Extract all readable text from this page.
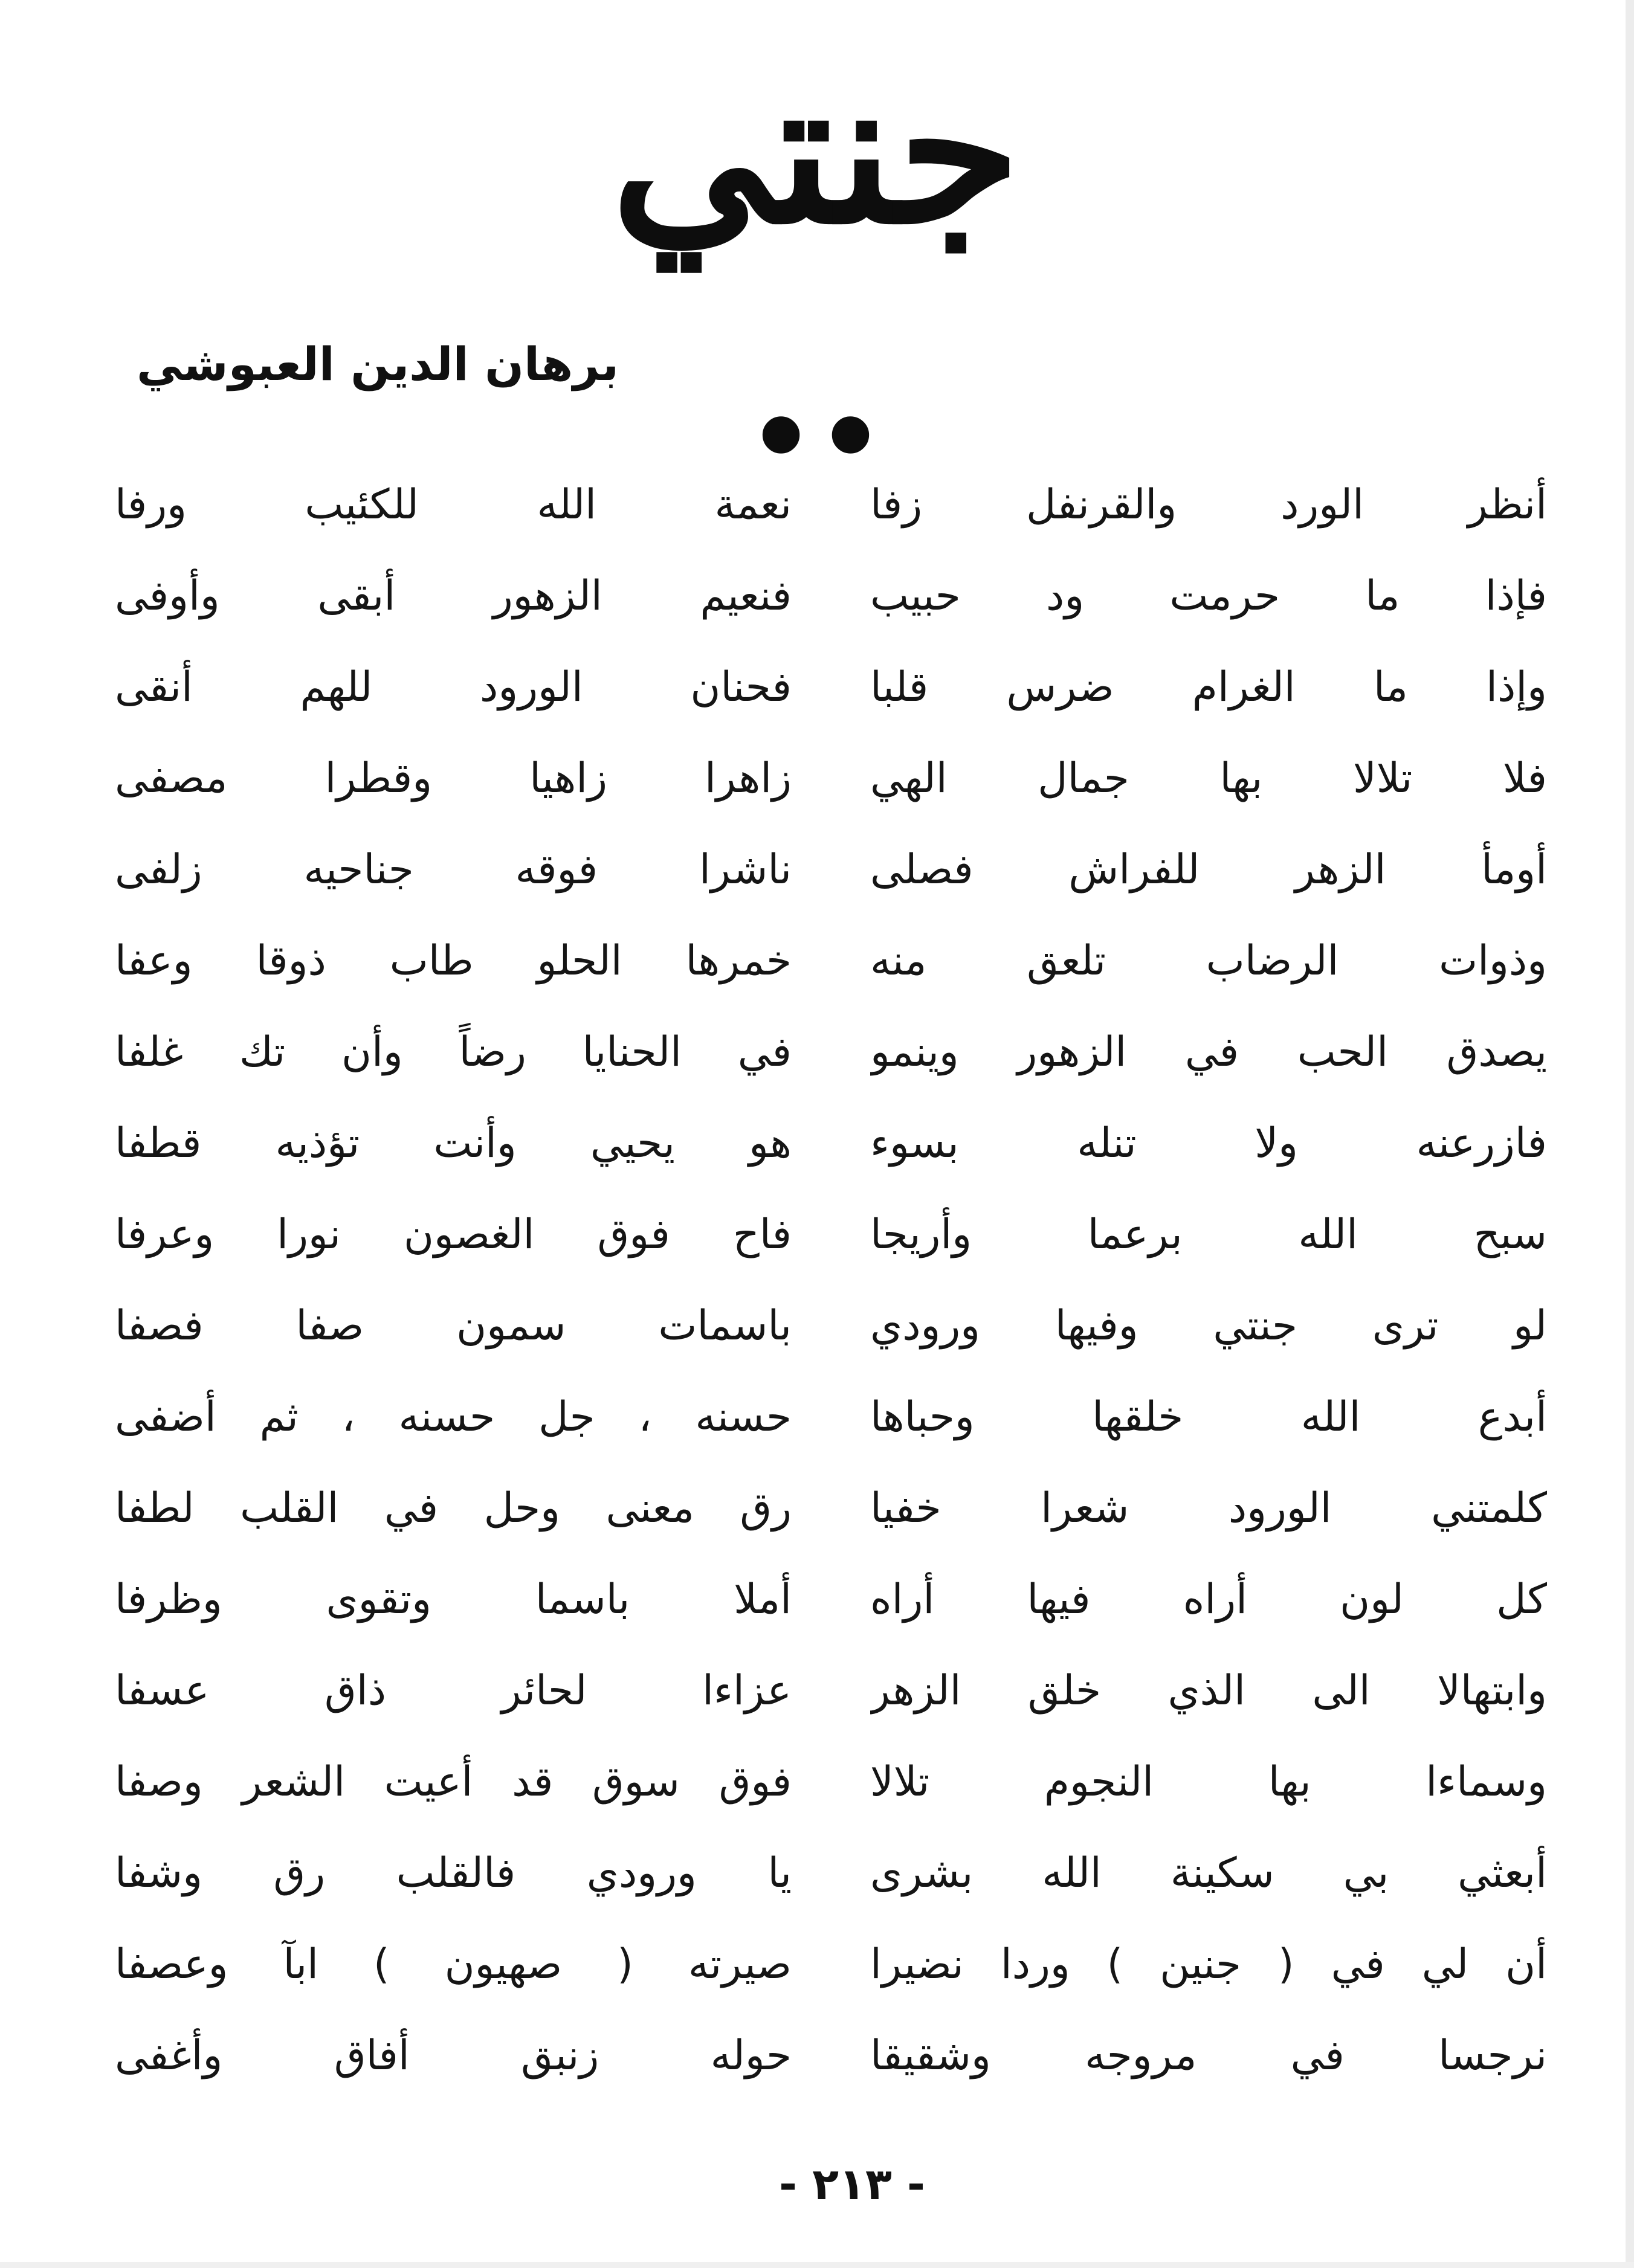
جنتي ..
برهان الدين العبوشي
أنظر الورد والقرنفل زفا
فإذا ما حرمت ود حبيب
وإذا ما الغرام ضرس قلبا
فلا تلالا بها جمال الهي
أومأ الزهر للفراش فصلى
وذوات الرضاب تلعق منه
يصدق الحب في الزهور وينمو
فازرعنه ولا تنله بسوء
سبح الله برعما وأريجا
لو ترى جنتي وفيها ورودي
أبدع الله خلقها وحباها
كلمتني الورود شعرا خفيا
كل لون أراه فيها أراه
وابتهالا الى الذي خلق الزهر
وسماءا بها النجوم تلالا
أبعثي بي سكينة الله بشرى
أن لي في ( جنين ) وردا نضيرا
نرجسا في مروجه وشقيقا
نعمة الله للكئيب ورفا
فنعيم الزهور أبقى وأوفى
فحنان الورود للهم أنقى
زاهرا زاهيا وقطرا مصفى
ناشرا فوقه جناحيه زلفى
خمرها الحلو طاب ذوقا وعفا
في الحنايا رضاً وأن تك غلفا
هو يحيي وأنت تؤذيه قطفا
فاح فوق الغصون نورا وعرفا
باسمات سمون صفا فصفا
حسنه ، جل حسنه ، ثم أضفى
رق معنى وحل في القلب لطفا
أملا باسما وتقوى وظرفا
عزاءا لحائر ذاق عسفا
فوق سوق قد أعيت الشعر وصفا
يا ورودي فالقلب رق وشفا
صيرته ( صهيون ) ابآ وعصفا
حوله زنبق أفاق وأغفى
- ٢١٣ -
